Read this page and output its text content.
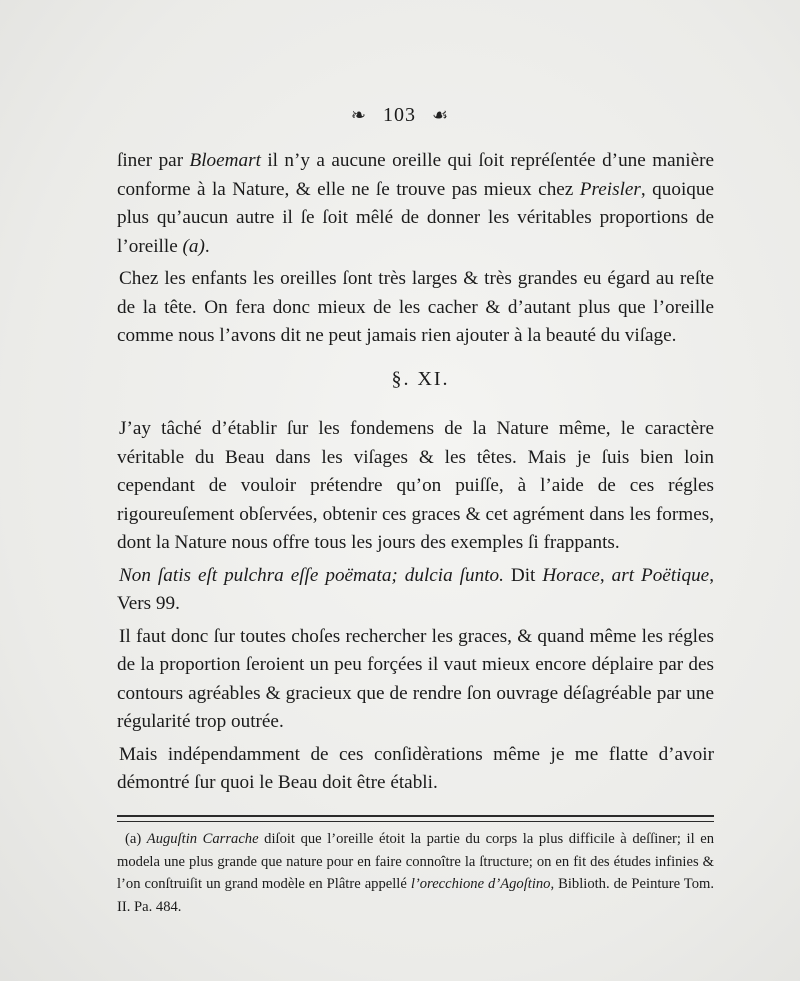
❧ 103 ☙

ſiner par Bloemart il n’y a aucune oreille qui ſoit repréſentée d’une manière conforme à la Nature, & elle ne ſe trouve pas mieux chez Preisler, quoique plus qu’aucun autre il ſe ſoit mêlé de donner les véritables proportions de l’oreille (a).

Chez les enfants les oreilles ſont très larges & très grandes eu égard au reſte de la tête. On fera donc mieux de les cacher & d’autant plus que l’oreille comme nous l’avons dit ne peut jamais rien ajouter à la beauté du viſage.

§. XI.

J’ay tâché d’établir ſur les fondemens de la Nature même, le caractère véritable du Beau dans les viſages & les têtes. Mais je ſuis bien loin cependant de vouloir prétendre qu’on puiſſe, à l’aide de ces régles rigoureuſement obſervées, obtenir ces graces & cet agrément dans les formes, dont la Nature nous offre tous les jours des exemples ſi frappants.

Non ſatis eſt pulchra eſſe poëmata; dulcia ſunto. Dit Horace, art Poëtique, Vers 99.

Il faut donc ſur toutes choſes rechercher les graces, & quand même les régles de la proportion ſeroient un peu forçées il vaut mieux encore déplaire par des contours agréables & gracieux que de rendre ſon ouvrage déſagréable par une régularité trop outrée.

Mais indépendamment de ces conſidèrations même je me flatte d’avoir démontré ſur quoi le Beau doit être établi.

(a) Auguſtin Carrache diſoit que l’oreille étoit la partie du corps la plus difficile à deſſiner; il en modela une plus grande que nature pour en faire connoître la ſtructure; on en fit des études infinies & l’on conſtruiſit un grand modèle en Plâtre appellé l’orecchione d’Agoſtino, Biblioth. de Peinture Tom. II. Pa. 484.
